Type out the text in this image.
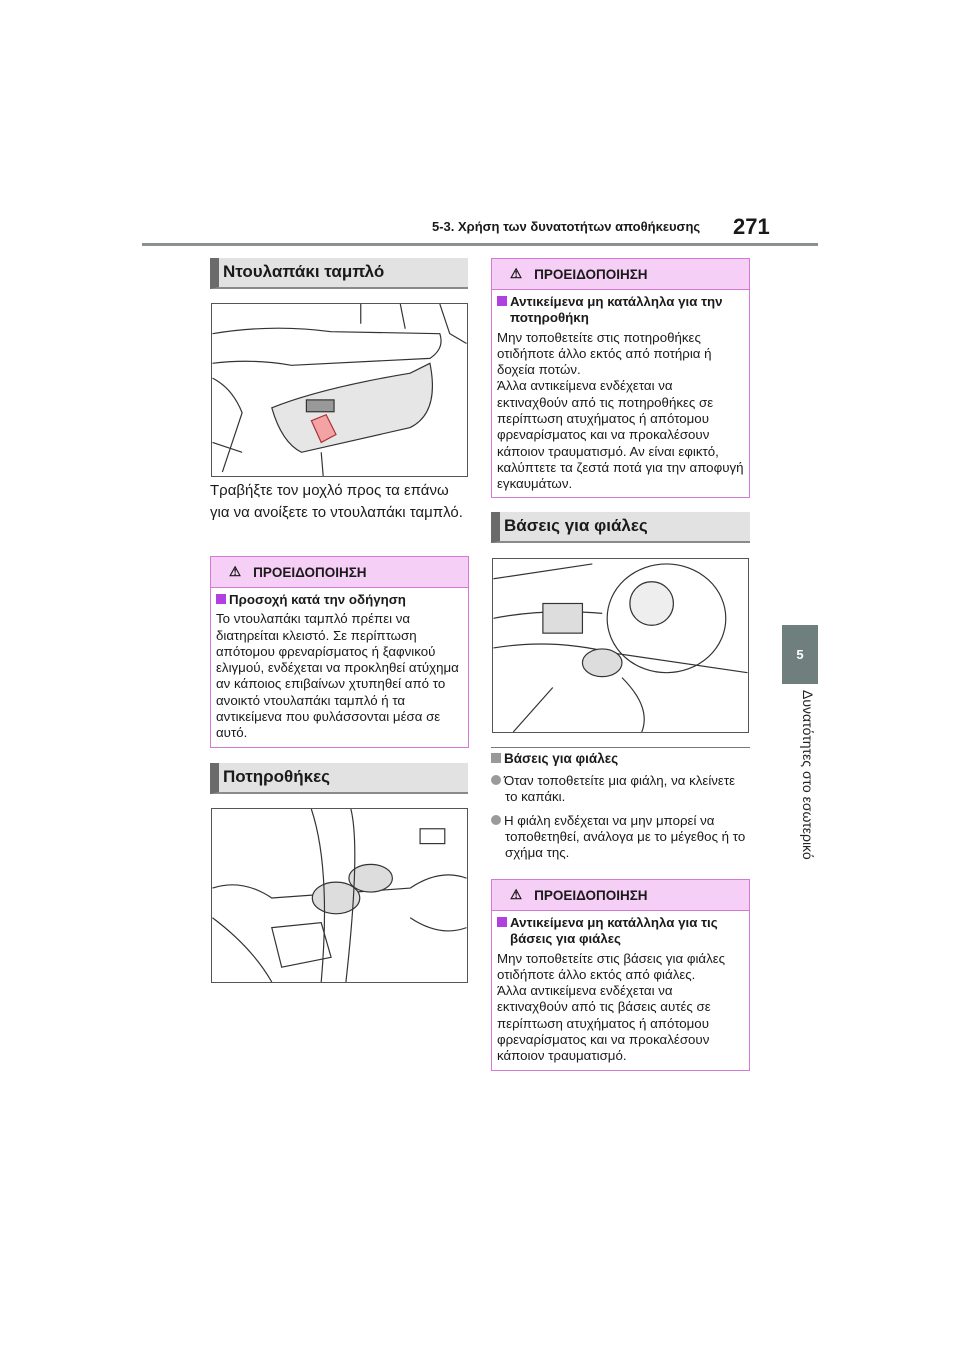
5-3. Χρήση των δυνατοτήτων αποθήκευσης 271
5
Δυνατότητες στο εσωτερικό
Ντουλαπάκι ταμπλό
Τραβήξτε τον μοχλό προς τα επάνω για να ανοίξετε το ντουλαπάκι ταμπλό.
⚠ ΠΡΟΕΙΔΟΠΟΙΗΣΗ
Προσοχή κατά την οδήγηση
Το ντουλαπάκι ταμπλό πρέπει να διατηρείται κλειστό. Σε περίπτωση απότομου φρεναρίσματος ή ξαφνικού ελιγμού, ενδέχεται να προκληθεί ατύχημα αν κάποιος επιβαίνων χτυπηθεί από το ανοικτό ντουλαπάκι ταμπλό ή τα αντικείμενα που φυλάσσονται μέσα σε αυτό.
Ποτηροθήκες
⚠ ΠΡΟΕΙΔΟΠΟΙΗΣΗ
Αντικείμενα μη κατάλληλα για την ποτηροθήκη
Μην τοποθετείτε στις ποτηροθήκες οτιδήποτε άλλο εκτός από ποτήρια ή δοχεία ποτών.
Άλλα αντικείμενα ενδέχεται να εκτιναχθούν από τις ποτηροθήκες σε περίπτωση ατυχήματος ή απότομου φρεναρίσματος και να προκαλέσουν κάποιον τραυματισμό. Αν είναι εφικτό, καλύπτετε τα ζεστά ποτά για την αποφυγή εγκαυμάτων.
Βάσεις για φιάλες
Βάσεις για φιάλες
Όταν τοποθετείτε μια φιάλη, να κλείνετε το καπάκι.
Η φιάλη ενδέχεται να μην μπορεί να τοποθετηθεί, ανάλογα με το μέγεθος ή το σχήμα της.
⚠ ΠΡΟΕΙΔΟΠΟΙΗΣΗ
Αντικείμενα μη κατάλληλα για τις βάσεις για φιάλες
Μην τοποθετείτε στις βάσεις για φιάλες οτιδήποτε άλλο εκτός από φιάλες.
Άλλα αντικείμενα ενδέχεται να εκτιναχθούν από τις βάσεις αυτές σε περίπτωση ατυχήματος ή απότομου φρεναρίσματος και να προκαλέσουν κάποιον τραυματισμό.
